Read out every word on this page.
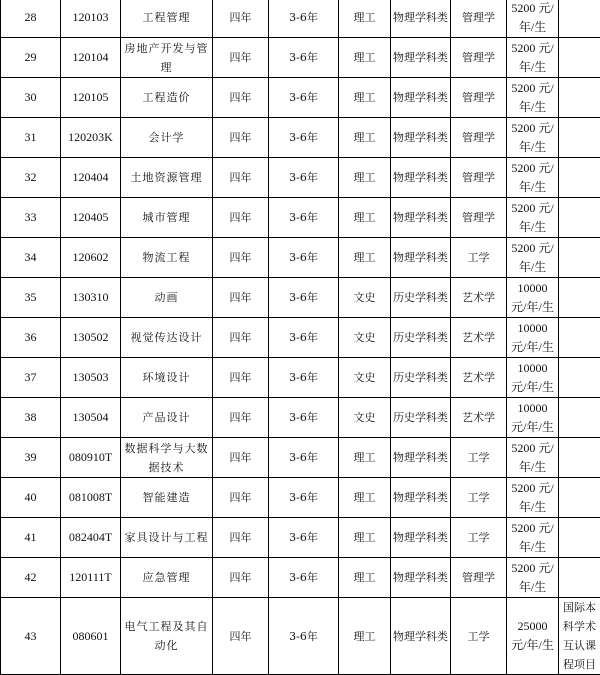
28	120103	工程管理	四年	3-6年	理工	物理学科类	管理学	5200 元/年/生	
29	120104	房地产开发与管理	四年	3-6年	理工	物理学科类	管理学	5200 元/年/生	
30	120105	工程造价	四年	3-6年	理工	物理学科类	管理学	5200 元/年/生	
31	120203K	会计学	四年	3-6年	理工	物理学科类	管理学	5200 元/年/生	
32	120404	土地资源管理	四年	3-6年	理工	物理学科类	管理学	5200 元/年/生	
33	120405	城市管理	四年	3-6年	理工	物理学科类	管理学	5200 元/年/生	
34	120602	物流工程	四年	3-6年	理工	物理学科类	工学	5200 元/年/生	
35	130310	动画	四年	3-6年	文史	历史学科类	艺术学	10000 元/年/生	
36	130502	视觉传达设计	四年	3-6年	文史	历史学科类	艺术学	10000 元/年/生	
37	130503	环境设计	四年	3-6年	文史	历史学科类	艺术学	10000 元/年/生	
38	130504	产品设计	四年	3-6年	文史	历史学科类	艺术学	10000 元/年/生	
39	080910T	数据科学与大数据技术	四年	3-6年	理工	物理学科类	工学	5200 元/年/生	
40	081008T	智能建造	四年	3-6年	理工	物理学科类	工学	5200 元/年/生	
41	082404T	家具设计与工程	四年	3-6年	理工	物理学科类	工学	5200 元/年/生	
42	120111T	应急管理	四年	3-6年	理工	物理学科类	管理学	5200 元/年/生	
43	080601	电气工程及其自动化	四年	3-6年	理工	物理学科类	工学	25000 元/年/生	国际本科学术互认课程项目
